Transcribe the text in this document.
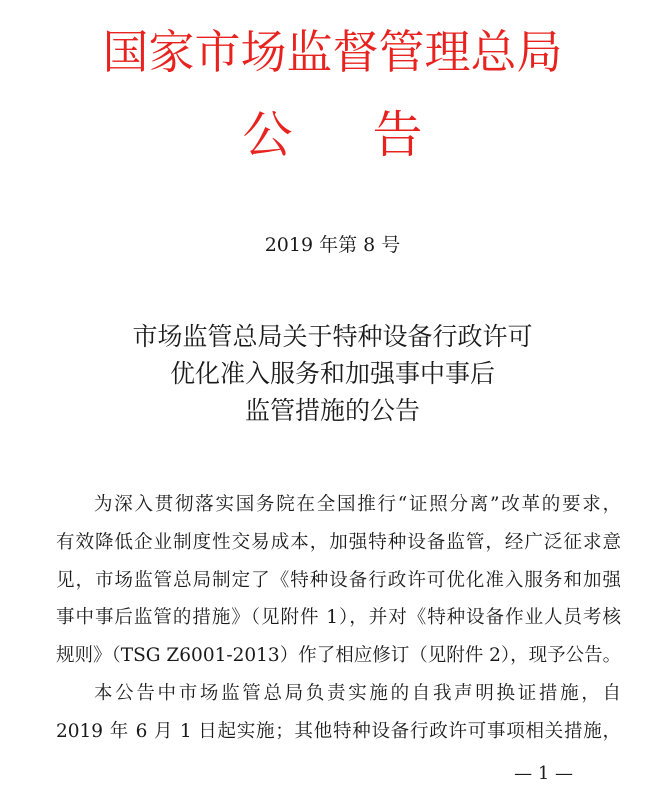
国家市场监督管理总局
公告
2019 年第 8 号
市场监管总局关于特种设备行政许可
优化准入服务和加强事中事后
监管措施的公告
为深入贯彻落实国务院在全国推行“证照分离”改革的要求，
有效降低企业制度性交易成本，加强特种设备监管，经广泛征求意
见，市场监管总局制定了《特种设备行政许可优化准入服务和加强
事中事后监管的措施》（见附件 1），并对《特种设备作业人员考核
规则》（TSG Z6001-2013）作了相应修订（见附件 2），现予公告。
本公告中市场监管总局负责实施的自我声明换证措施，自
2019 年 6 月 1 日起实施；其他特种设备行政许可事项相关措施，
— 1 —
